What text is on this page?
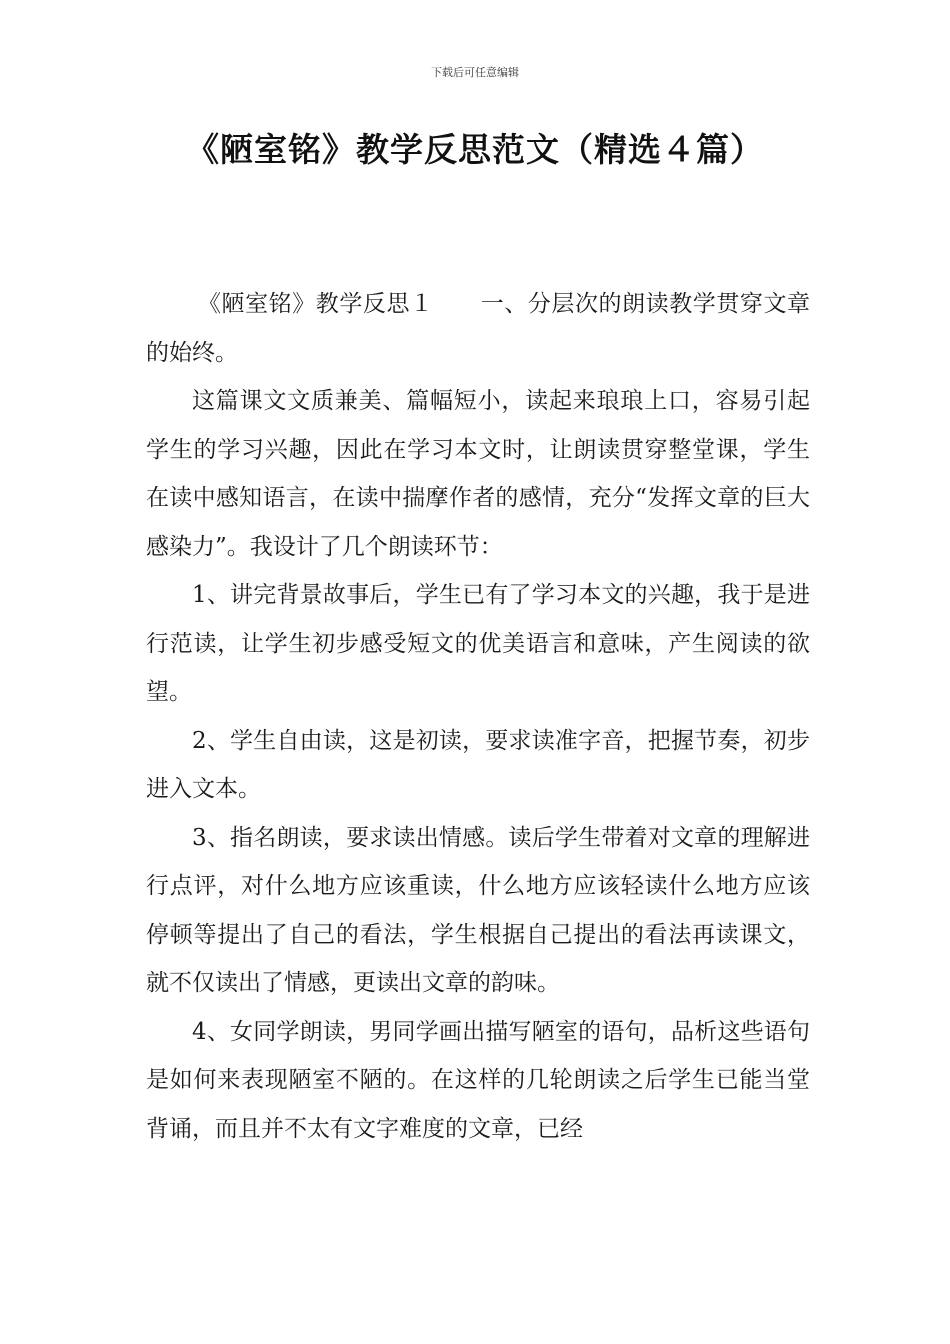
下载后可任意编辑
《陋室铭》教学反思范文（精选４篇）

《陋室铭》教学反思１　　一、分层次的朗读教学贯穿文章的始终。

这篇课文文质兼美、篇幅短小，读起来琅琅上口，容易引起学生的学习兴趣，因此在学习本文时，让朗读贯穿整堂课，学生在读中感知语言，在读中揣摩作者的感情，充分“发挥文章的巨大感染力”。我设计了几个朗读环节：

1、讲完背景故事后，学生已有了学习本文的兴趣，我于是进行范读，让学生初步感受短文的优美语言和意味，产生阅读的欲望。

2、学生自由读，这是初读，要求读准字音，把握节奏，初步进入文本。

3、指名朗读，要求读出情感。读后学生带着对文章的理解进行点评，对什么地方应该重读，什么地方应该轻读什么地方应该停顿等提出了自己的看法，学生根据自己提出的看法再读课文，就不仅读出了情感，更读出文章的韵味。

4、女同学朗读，男同学画出描写陋室的语句，品析这些语句是如何来表现陋室不陋的。在这样的几轮朗读之后学生已能当堂背诵，而且并不太有文字难度的文章，已经
